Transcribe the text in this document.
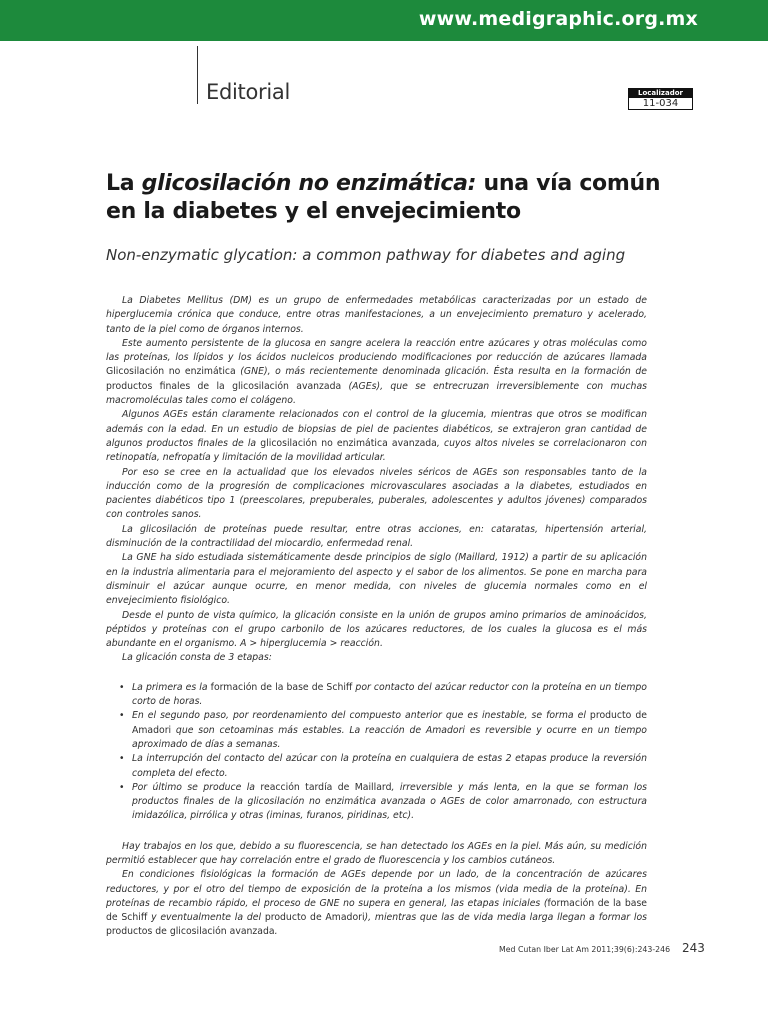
www.medigraphic.org.mx
Editorial	Localizador
11-034
La glicosilación no enzimática: una vía común
en la diabetes y el envejecimiento

Non-enzymatic glycation: a common pathway for diabetes and aging

La Diabetes Mellitus (DM) es un grupo de enfermedades metabólicas caracterizadas por un estado de hiperglucemia crónica que conduce, entre otras manifestaciones, a un envejecimiento prematuro y acelerado, tanto de la piel como de órganos internos.

Este aumento persistente de la glucosa en sangre acelera la reacción entre azúcares y otras moléculas como las proteínas, los lípidos y los ácidos nucleicos produciendo modificaciones por reducción de azúcares llamada Glicosilación no enzimática (GNE), o más recientemente denominada glicación. Ésta resulta en la formación de productos finales de la glicosilación avanzada (AGEs), que se entrecruzan irreversiblemente con muchas macromoléculas tales como el colágeno.

Algunos AGEs están claramente relacionados con el control de la glucemia, mientras que otros se modifican además con la edad. En un estudio de biopsias de piel de pacientes diabéticos, se extrajeron gran cantidad de algunos productos finales de la glicosilación no enzimática avanzada, cuyos altos niveles se correlacionaron con retinopatía, nefropatía y limitación de la movilidad articular.

Por eso se cree en la actualidad que los elevados niveles séricos de AGEs son responsables tanto de la inducción como de la progresión de complicaciones microvasculares asociadas a la diabetes, estudiados en pacientes diabéticos tipo 1 (preescolares, prepuberales, puberales, adolescentes y adultos jóvenes) comparados con controles sanos.

La glicosilación de proteínas puede resultar, entre otras acciones, en: cataratas, hipertensión arterial, disminución de la contractilidad del miocardio, enfermedad renal.

La GNE ha sido estudiada sistemáticamente desde principios de siglo (Maillard, 1912) a partir de su aplicación en la industria alimentaria para el mejoramiento del aspecto y el sabor de los alimentos. Se pone en marcha para disminuir el azúcar aunque ocurre, en menor medida, con niveles de glucemia normales como en el envejecimiento fisiológico.

Desde el punto de vista químico, la glicación consiste en la unión de grupos amino primarios de aminoácidos, péptidos y proteínas con el grupo carbonilo de los azúcares reductores, de los cuales la glucosa es el más abundante en el organismo. A > hiperglucemia > reacción.

La glicación consta de 3 etapas:

• La primera es la formación de la base de Schiff por contacto del azúcar reductor con la proteína en un tiempo corto de horas.
• En el segundo paso, por reordenamiento del compuesto anterior que es inestable, se forma el producto de Amadori que son cetoaminas más estables. La reacción de Amadori es reversible y ocurre en un tiempo aproximado de días a semanas.
• La interrupción del contacto del azúcar con la proteína en cualquiera de estas 2 etapas produce la reversión completa del efecto.
• Por último se produce la reacción tardía de Maillard, irreversible y más lenta, en la que se forman los productos finales de la glicosilación no enzimática avanzada o AGEs de color amarronado, con estructura imidazólica, pirrólica y otras (iminas, furanos, piridinas, etc).

Hay trabajos en los que, debido a su fluorescencia, se han detectado los AGEs en la piel. Más aún, su medición permitió establecer que hay correlación entre el grado de fluorescencia y los cambios cutáneos.

En condiciones fisiológicas la formación de AGEs depende por un lado, de la concentración de azúcares reductores, y por el otro del tiempo de exposición de la proteína a los mismos (vida media de la proteína). En proteínas de recambio rápido, el proceso de GNE no supera en general, las etapas iniciales (formación de la base de Schiff y eventualmente la del producto de Amadori), mientras que las de vida media larga llegan a formar los productos de glicosilación avanzada.

Med Cutan Iber Lat Am 2011;39(6):243-246 243
